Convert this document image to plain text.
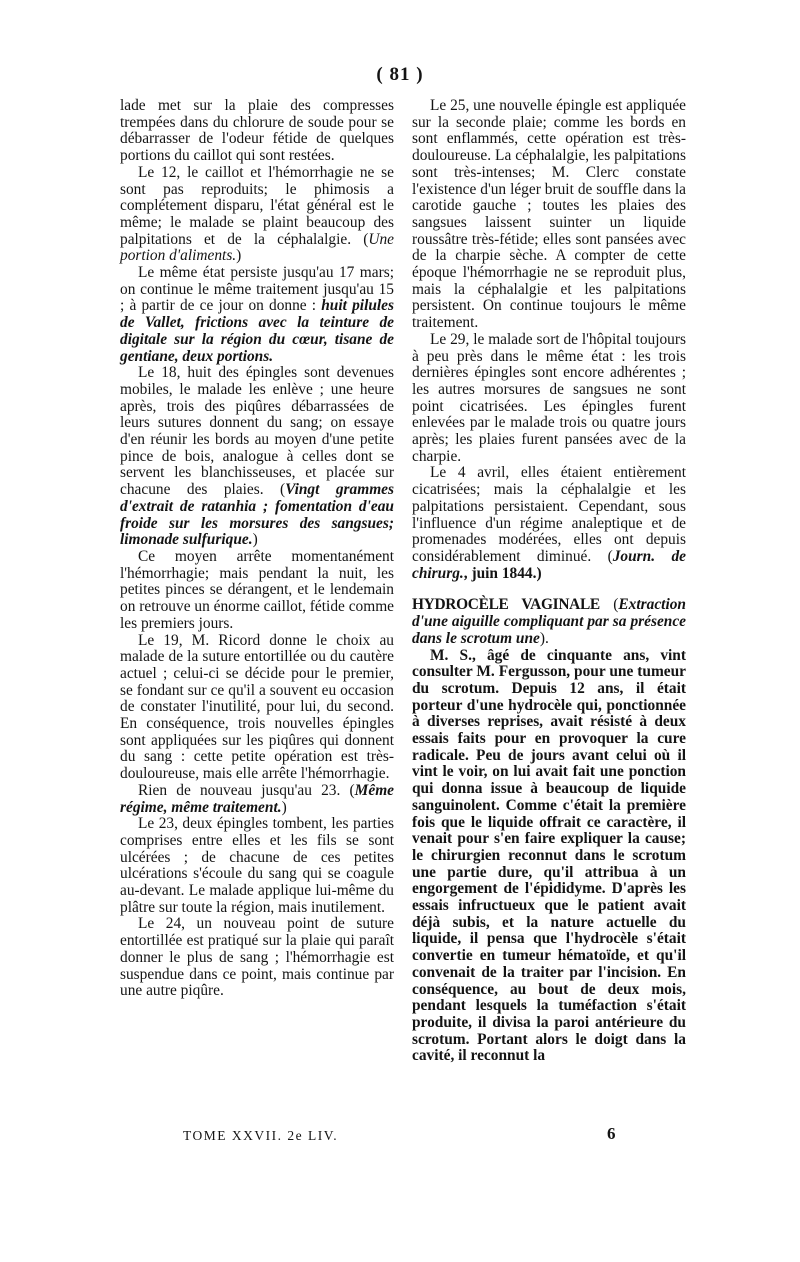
( 81 )

lade met sur la plaie des compresses trempées dans du chlorure de soude pour se débarrasser de l'odeur fétide de quelques portions du caillot qui sont restées.

Le 12, le caillot et l'hémorrhagie ne se sont pas reproduits; le phimosis a complétement disparu, l'état général est le même; le malade se plaint beaucoup des palpitations et de la céphalalgie. (Une portion d'aliments.)

Le même état persiste jusqu'au 17 mars; on continue le même traitement jusqu'au 15 ; à partir de ce jour on donne : huit pilules de Vallet, frictions avec la teinture de digitale sur la région du cœur, tisane de gentiane, deux portions.

Le 18, huit des épingles sont devenues mobiles, le malade les enlève ; une heure après, trois des piqûres débarrassées de leurs sutures donnent du sang; on essaye d'en réunir les bords au moyen d'une petite pince de bois, analogue à celles dont se servent les blanchisseuses, et placée sur chacune des plaies. (Vingt grammes d'extrait de ratanhia ; fomentation d'eau froide sur les morsures des sangsues; limonade sulfurique.)

Ce moyen arrête momentanément l'hémorrhagie; mais pendant la nuit, les petites pinces se dérangent, et le lendemain on retrouve un énorme caillot, fétide comme les premiers jours.

Le 19, M. Ricord donne le choix au malade de la suture entortillée ou du cautère actuel ; celui-ci se décide pour le premier, se fondant sur ce qu'il a souvent eu occasion de constater l'inutilité, pour lui, du second. En conséquence, trois nouvelles épingles sont appliquées sur les piqûres qui donnent du sang : cette petite opération est très-douloureuse, mais elle arrête l'hémorrhagie.

Rien de nouveau jusqu'au 23. (Même régime, même traitement.)

Le 23, deux épingles tombent, les parties comprises entre elles et les fils se sont ulcérées ; de chacune de ces petites ulcérations s'écoule du sang qui se coagule au-devant. Le malade applique lui-même du plâtre sur toute la région, mais inutilement.

Le 24, un nouveau point de suture entortillée est pratiqué sur la plaie qui paraît donner le plus de sang ; l'hémorrhagie est suspendue dans ce point, mais continue par une autre piqûre.

Le 25, une nouvelle épingle est appliquée sur la seconde plaie; comme les bords en sont enflammés, cette opération est très-douloureuse. La céphalalgie, les palpitations sont très-intenses; M. Clerc constate l'existence d'un léger bruit de souffle dans la carotide gauche ; toutes les plaies des sangsues laissent suinter un liquide roussâtre très-fétide; elles sont pansées avec de la charpie sèche. A compter de cette époque l'hémorrhagie ne se reproduit plus, mais la céphalalgie et les palpitations persistent. On continue toujours le même traitement.

Le 29, le malade sort de l'hôpital toujours à peu près dans le même état : les trois dernières épingles sont encore adhérentes ; les autres morsures de sangsues ne sont point cicatrisées. Les épingles furent enlevées par le malade trois ou quatre jours après; les plaies furent pansées avec de la charpie.

Le 4 avril, elles étaient entièrement cicatrisées; mais la céphalalgie et les palpitations persistaient. Cependant, sous l'influence d'un régime analeptique et de promenades modérées, elles ont depuis considérablement diminué. (Journ. de chirurg., juin 1844.)

HYDROCÈLE VAGINALE (Extraction d'une aiguille compliquant par sa présence dans le scrotum une).

M. S., âgé de cinquante ans, vint consulter M. Fergusson, pour une tumeur du scrotum. Depuis 12 ans, il était porteur d'une hydrocèle qui, ponctionnée à diverses reprises, avait résisté à deux essais faits pour en provoquer la cure radicale. Peu de jours avant celui où il vint le voir, on lui avait fait une ponction qui donna issue à beaucoup de liquide sanguinolent. Comme c'était la première fois que le liquide offrait ce caractère, il venait pour s'en faire expliquer la cause; le chirurgien reconnut dans le scrotum une partie dure, qu'il attribua à un engorgement de l'épididyme. D'après les essais infructueux que le patient avait déjà subis, et la nature actuelle du liquide, il pensa que l'hydrocèle s'était convertie en tumeur hématoïde, et qu'il convenait de la traiter par l'incision. En conséquence, au bout de deux mois, pendant lesquels la tuméfaction s'était produite, il divisa la paroi antérieure du scrotum. Portant alors le doigt dans la cavité, il reconnut la

TOME XXVII. 2e LIV.	6
